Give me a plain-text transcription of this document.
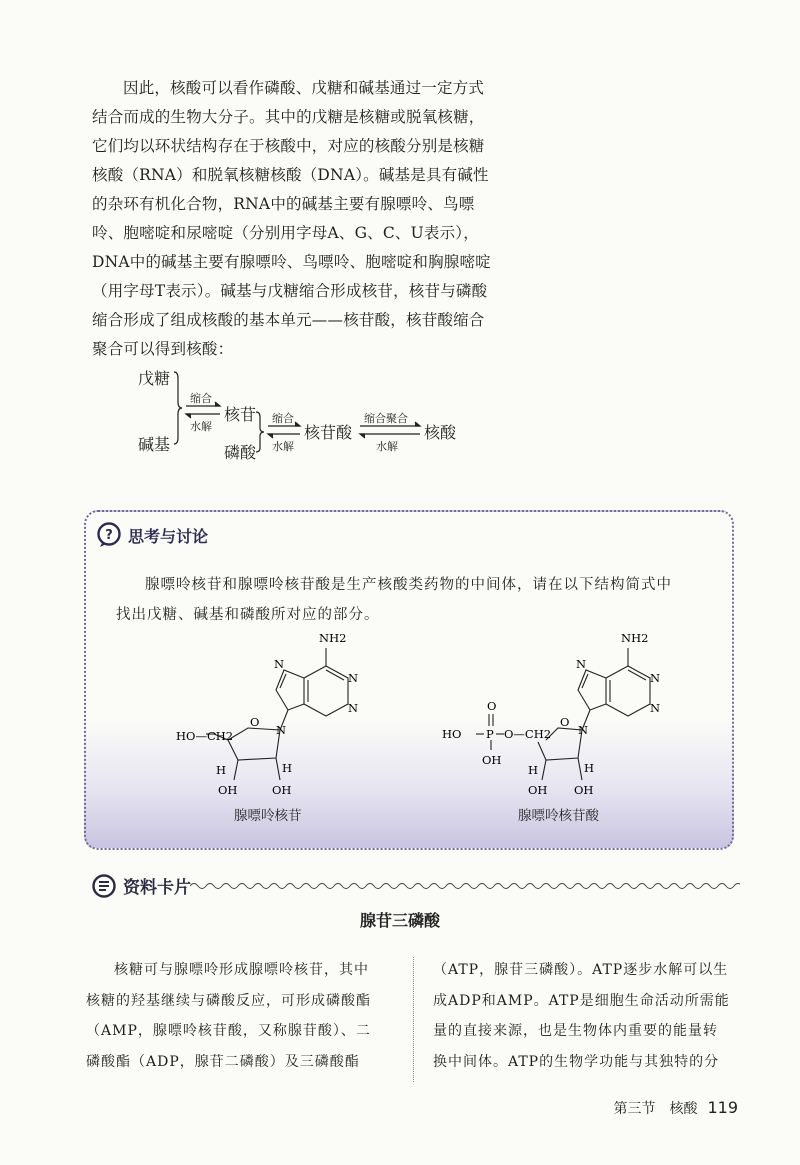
因此，核酸可以看作磷酸、戊糖和碱基通过一定方式

结合而成的生物大分子。其中的戊糖是核糖或脱氧核糖，
它们均以环状结构存在于核酸中，对应的核酸分别是核糖
核酸（RNA）和脱氧核糖核酸（DNA）。碱基是具有碱性
的杂环有机化合物，RNA中的碱基主要有腺嘌呤、鸟嘌
呤、胞嘧啶和尿嘧啶（分别用字母A、G、C、U表示），
DNA中的碱基主要有腺嘌呤、鸟嘌呤、胞嘧啶和胸腺嘧啶
（用字母T表示）。碱基与戊糖缩合形成核苷，核苷与磷酸
缩合形成了组成核酸的基本单元——核苷酸，核苷酸缩合
聚合可以得到核酸：
戊糖
碱基
缩合
水解
核苷
磷酸
缩合
水解
核苷酸
缩合聚合
水解
核酸
? 思考与讨论
腺嘌呤核苷和腺嘌呤核苷酸是生产核酸类药物的中间体，请在以下结构简式中
找出戊糖、碱基和磷酸所对应的部分。
NH2
N
N
N
N
HO—CH2
O
H	H
OH	OH
腺嘌呤核苷
NH2
N
N
N
N
O
HO P O—CH2
OH
O
H	H
OH OH
腺嘌呤核苷酸
资料卡片
腺苷三磷酸
核糖可与腺嘌呤形成腺嘌呤核苷，其中
核糖的羟基继续与磷酸反应，可形成磷酸酯
（AMP，腺嘌呤核苷酸，又称腺苷酸）、二
磷酸酯（ADP，腺苷二磷酸）及三磷酸酯
（ATP，腺苷三磷酸）。ATP逐步水解可以生
成ADP和AMP。ATP是细胞生命活动所需能
量的直接来源，也是生物体内重要的能量转
换中间体。ATP的生物学功能与其独特的分
第三节　核酸 119
